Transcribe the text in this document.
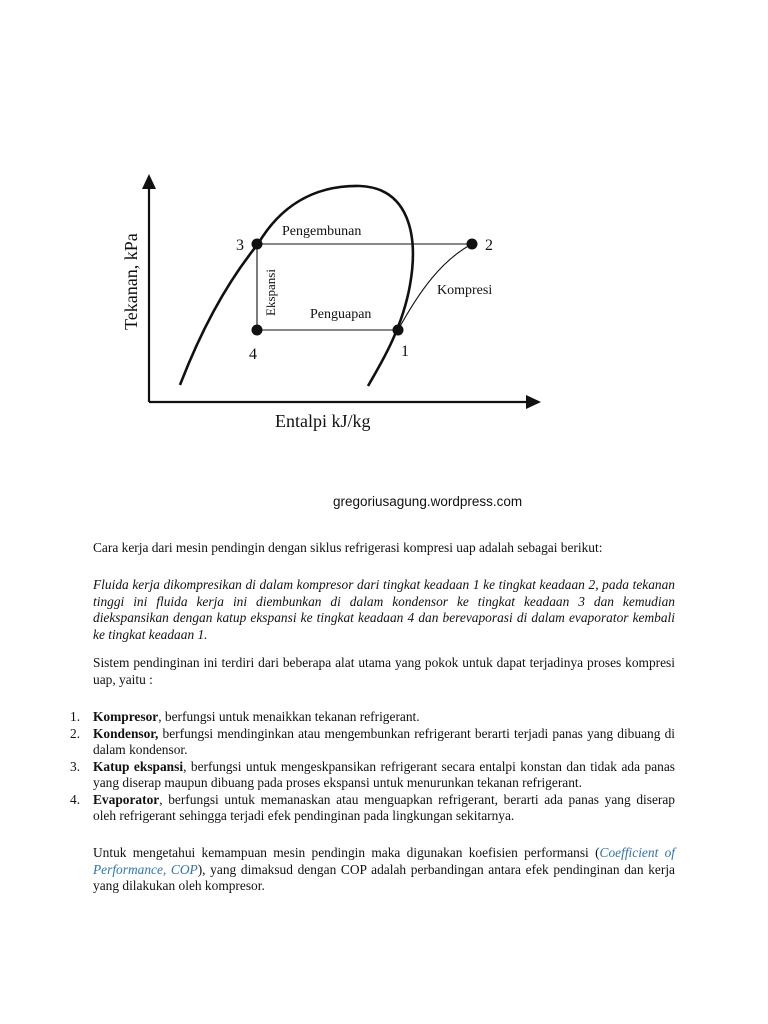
3	2
4	1
Pengembunan
Penguapan
Kompresi
Ekspansi
Tekanan, kPa
Entalpi kJ/kg
gregoriusagung.wordpress.com

Cara kerja dari mesin pendingin dengan siklus refrigerasi kompresi uap adalah sebagai berikut:

Fluida kerja dikompresikan di dalam kompresor dari tingkat keadaan 1 ke tingkat keadaan 2, pada tekanan tinggi ini fluida kerja ini diembunkan di dalam kondensor ke tingkat keadaan 3 dan kemudian diekspansikan dengan katup ekspansi ke tingkat keadaan 4 dan berevaporasi di dalam evaporator kembali ke tingkat keadaan 1.

Sistem pendinginan ini terdiri dari beberapa alat utama yang pokok untuk dapat terjadinya proses kompresi uap, yaitu :

1. Kompresor, berfungsi untuk menaikkan tekanan refrigerant.
2. Kondensor, berfungsi mendinginkan atau mengembunkan refrigerant berarti terjadi panas yang dibuang di dalam kondensor.
3. Katup ekspansi, berfungsi untuk mengeskpansikan refrigerant secara entalpi konstan dan tidak ada panas yang diserap maupun dibuang pada proses ekspansi untuk menurunkan tekanan refrigerant.
4. Evaporator, berfungsi untuk memanaskan atau menguapkan refrigerant, berarti ada panas yang diserap oleh refrigerant sehingga terjadi efek pendinginan pada lingkungan sekitarnya.

Untuk mengetahui kemampuan mesin pendingin maka digunakan koefisien performansi (Coefficient of Performance, COP), yang dimaksud dengan COP adalah perbandingan antara efek pendinginan dan kerja yang dilakukan oleh kompresor.
